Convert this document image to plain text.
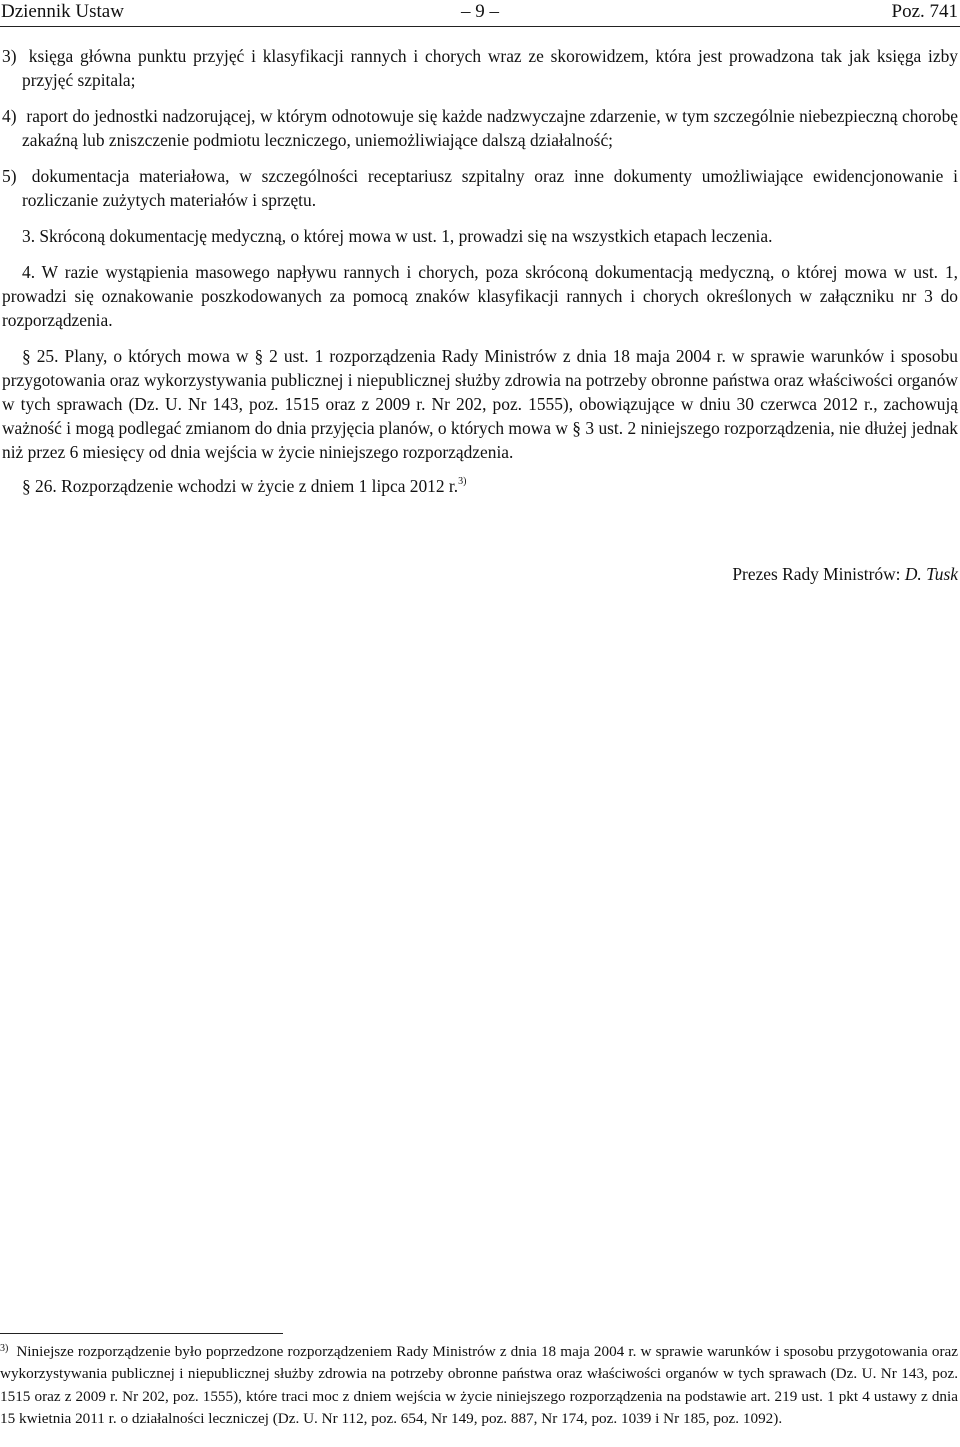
Dziennik Ustaw	– 9 –	Poz. 741

3) księga główna punktu przyjęć i klasyfikacji rannych i chorych wraz ze skorowidzem, która jest prowadzona tak jak księga izby przyjęć szpitala;

4) raport do jednostki nadzorującej, w którym odnotowuje się każde nadzwyczajne zdarzenie, w tym szczególnie niebezpieczną chorobę zakaźną lub zniszczenie podmiotu leczniczego, uniemożliwiające dalszą działalność;

5) dokumentacja materiałowa, w szczególności receptariusz szpitalny oraz inne dokumenty umożliwiające ewidencjonowanie i rozliczanie zużytych materiałów i sprzętu.

3. Skróconą dokumentację medyczną, o której mowa w ust. 1, prowadzi się na wszystkich etapach leczenia.

4. W razie wystąpienia masowego napływu rannych i chorych, poza skróconą dokumentacją medyczną, o której mowa w ust. 1, prowadzi się oznakowanie poszkodowanych za pomocą znaków klasyfikacji rannych i chorych określonych w załączniku nr 3 do rozporządzenia.

§ 25. Plany, o których mowa w § 2 ust. 1 rozporządzenia Rady Ministrów z dnia 18 maja 2004 r. w sprawie warunków i sposobu przygotowania oraz wykorzystywania publicznej i niepublicznej służby zdrowia na potrzeby obronne państwa oraz właściwości organów w tych sprawach (Dz. U. Nr 143, poz. 1515 oraz z 2009 r. Nr 202, poz. 1555), obowiązujące w dniu 30 czerwca 2012 r., zachowują ważność i mogą podlegać zmianom do dnia przyjęcia planów, o których mowa w § 3 ust. 2 niniejszego rozporządzenia, nie dłużej jednak niż przez 6 miesięcy od dnia wejścia w życie niniejszego rozporządzenia.

§ 26. Rozporządzenie wchodzi w życie z dniem 1 lipca 2012 r.$^{3)}$

Prezes Rady Ministrów: D. Tusk
$^{3)}$ Niniejsze rozporządzenie było poprzedzone rozporządzeniem Rady Ministrów z dnia 18 maja 2004 r. w sprawie warunków i sposobu przygotowania oraz wykorzystywania publicznej i niepublicznej służby zdrowia na potrzeby obronne państwa oraz właściwości organów w tych sprawach (Dz. U. Nr 143, poz. 1515 oraz z 2009 r. Nr 202, poz. 1555), które traci moc z dniem wejścia w życie niniejszego rozporządzenia na podstawie art. 219 ust. 1 pkt 4 ustawy z dnia 15 kwietnia 2011 r. o działalności leczniczej (Dz. U. Nr 112, poz. 654, Nr 149, poz. 887, Nr 174, poz. 1039 i Nr 185, poz. 1092).
